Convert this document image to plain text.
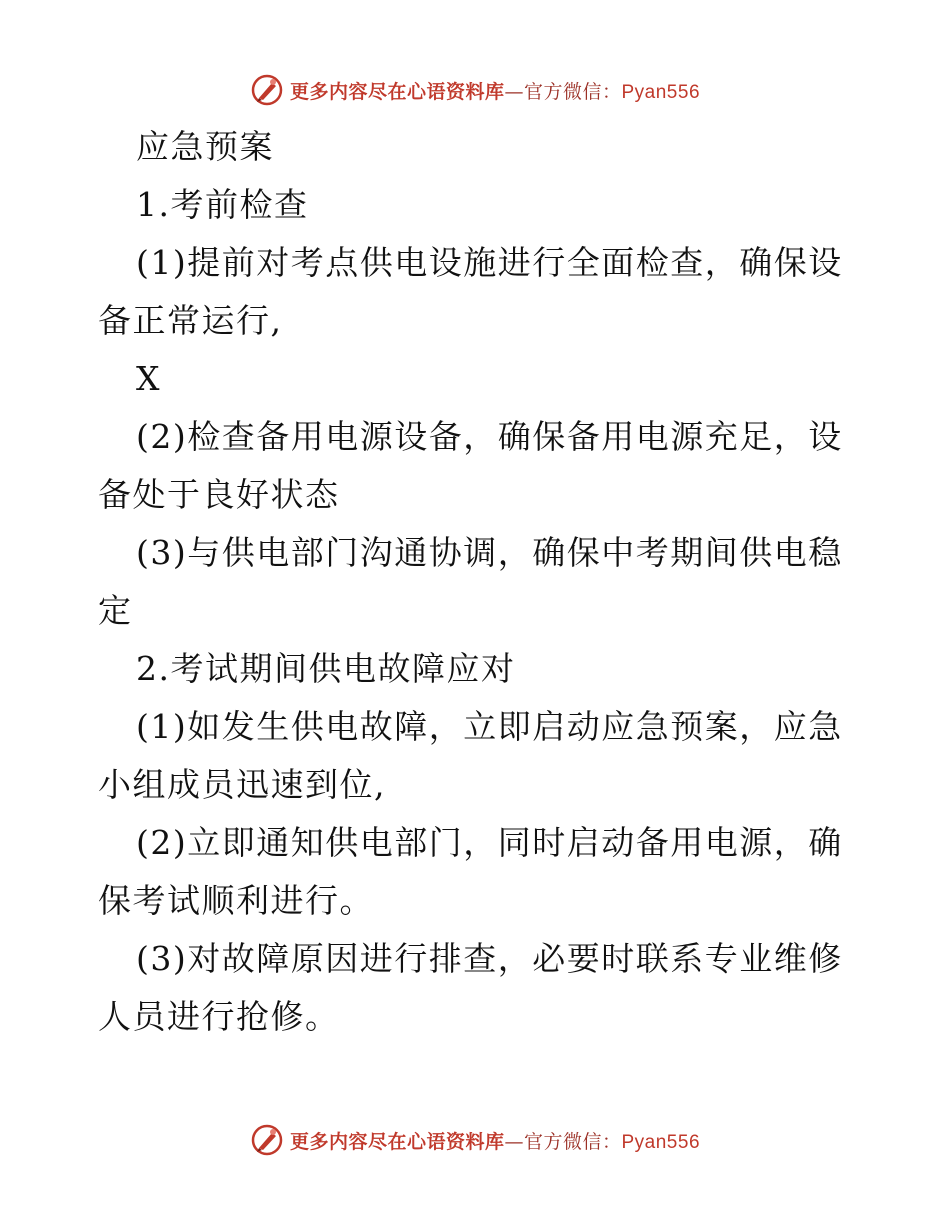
更多内容尽在心语资料库—官方微信：Pyan556
应急预案
1.考前检查
(1)提前对考点供电设施进行全面检查，确保设
备正常运行,
X
(2)检查备用电源设备，确保备用电源充足，设
备处于良好状态
(3)与供电部门沟通协调，确保中考期间供电稳
定
2.考试期间供电故障应对
(1)如发生供电故障，立即启动应急预案，应急
小组成员迅速到位,
(2)立即通知供电部门，同时启动备用电源，确
保考试顺利进行。
(3)对故障原因进行排查，必要时联系专业维修
人员进行抢修。
更多内容尽在心语资料库—官方微信：Pyan556
